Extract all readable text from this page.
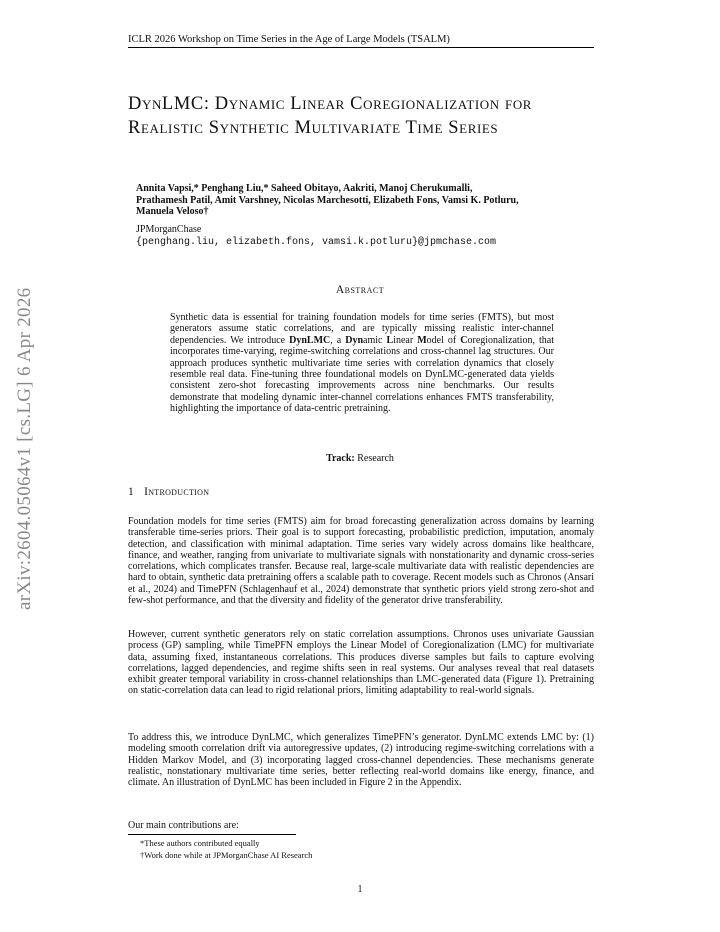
ICLR 2026 Workshop on Time Series in the Age of Large Models (TSALM)
DynLMC: Dynamic Linear Coregionalization for Realistic Synthetic Multivariate Time Series
Annita Vapsi,* Penghang Liu,* Saheed Obitayo, Aakriti, Manoj Cherukumalli,
Prathamesh Patil, Amit Varshney, Nicolas Marchesotti, Elizabeth Fons, Vamsi K. Potluru,
Manuela Veloso†
JPMorganChase
{penghang.liu, elizabeth.fons, vamsi.k.potluru}@jpmchase.com
arXiv:2604.05064v1 [cs.LG] 6 Apr 2026	Abstract
Synthetic data is essential for training foundation models for time series (FMTS), but most generators assume static correlations, and are typically missing realistic inter-channel dependencies. We introduce DynLMC, a Dynamic Linear Model of Coregionalization, that incorporates time-varying, regime-switching correlations and cross-channel lag structures. Our approach produces synthetic multivariate time series with correlation dynamics that closely resemble real data. Fine-tuning three foundational models on DynLMC-generated data yields consistent zero-shot forecasting improvements across nine benchmarks. Our results demonstrate that modeling dynamic inter-channel correlations enhances FMTS transferability, highlighting the importance of data-centric pretraining.
Track: Research
1 Introduction
Foundation models for time series (FMTS) aim for broad forecasting generalization across domains by learning transferable time-series priors. Their goal is to support forecasting, probabilistic prediction, imputation, anomaly detection, and classification with minimal adaptation. Time series vary widely across domains like healthcare, finance, and weather, ranging from univariate to multivariate signals with nonstationarity and dynamic cross-series correlations, which complicates transfer. Because real, large-scale multivariate data with realistic dependencies are hard to obtain, synthetic data pretraining offers a scalable path to coverage. Recent models such as Chronos (Ansari et al., 2024) and TimePFN (Schlagenhauf et al., 2024) demonstrate that synthetic priors yield strong zero-shot and few-shot performance, and that the diversity and fidelity of the generator drive transferability.
However, current synthetic generators rely on static correlation assumptions. Chronos uses univariate Gaussian process (GP) sampling, while TimePFN employs the Linear Model of Coregionalization (LMC) for multivariate data, assuming fixed, instantaneous correlations. This produces diverse samples but fails to capture evolving correlations, lagged dependencies, and regime shifts seen in real systems. Our analyses reveal that real datasets exhibit greater temporal variability in cross-channel relationships than LMC-generated data (Figure 1). Pretraining on static-correlation data can lead to rigid relational priors, limiting adaptability to real-world signals.
To address this, we introduce DynLMC, which generalizes TimePFN’s generator. DynLMC extends LMC by: (1) modeling smooth correlation drift via autoregressive updates, (2) introducing regime-switching correlations with a Hidden Markov Model, and (3) incorporating lagged cross-channel dependencies. These mechanisms generate realistic, nonstationary multivariate time series, better reflecting real-world domains like energy, finance, and climate. An illustration of DynLMC has been included in Figure 2 in the Appendix.
Our main contributions are:
*These authors contributed equally
†Work done while at JPMorganChase AI Research
1
